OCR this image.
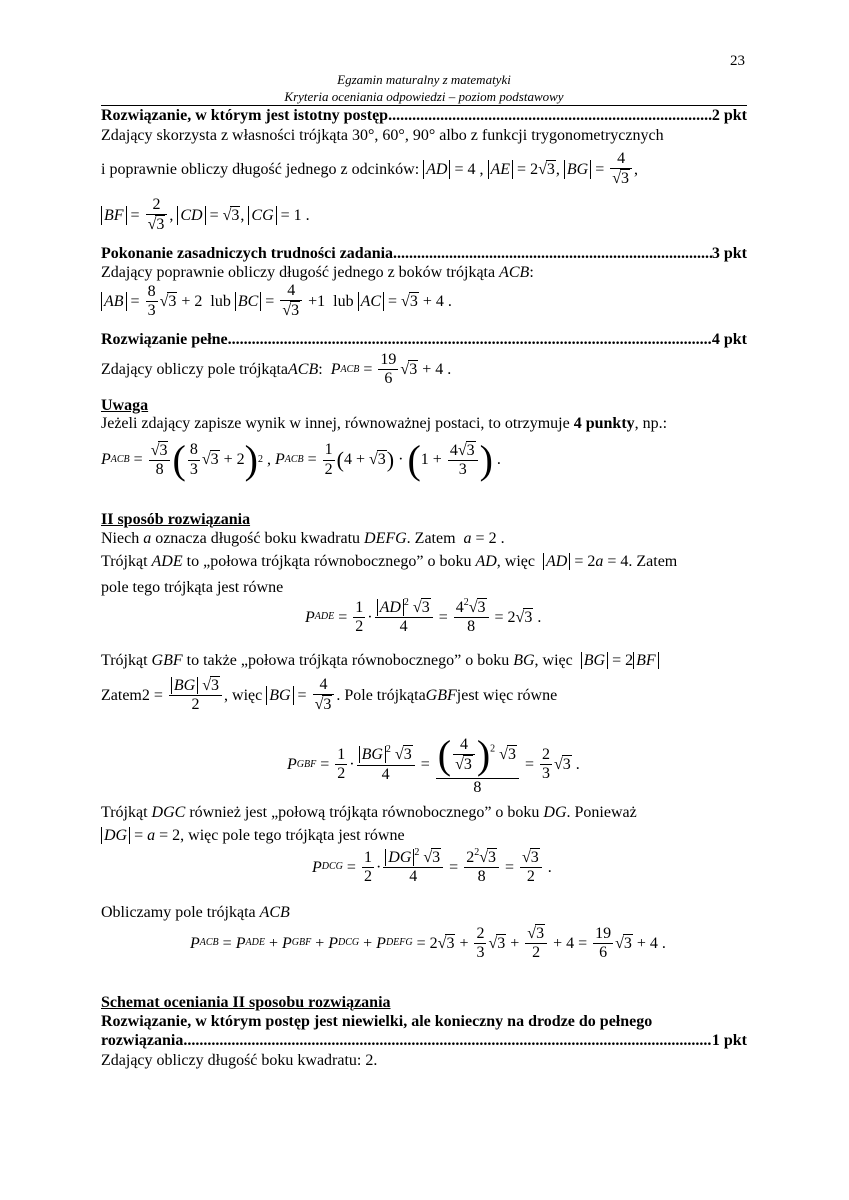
23
Egzamin maturalny z matematyki
Kryteria oceniania odpowiedzi – poziom podstawowy
Rozwiązanie, w którym jest istotny postęp .....	2 pkt
Zdający skorzysta z własności trójkąta 30°, 60°, 90° albo z funkcji trygonometrycznych
i poprawnie obliczy długość jednego z odcinków:
AD = 4 , AE = 2 √3 , BG = $\frac{4}{√3}$ ,
BF = $\frac{2}{√3}$ , CD = √3 , CG = 1 .
Pokonanie zasadniczych trudności zadania .....	3 pkt
Zdający poprawnie obliczy długość jednego z boków trójkąta ACB:
AB = $\frac{8}{3} √3 + 2$  lub BC = $\frac{4}{√3} +1$  lub AC = √3 + 4 .
Rozwiązanie pełne .....	4 pkt
Zdający obliczy pole trójkąta ACB : P ACB = $\frac{19}{6} √3 + 4$ .
Uwaga
Jeżeli zdający zapisze wynik w innej, równoważnej postaci, to otrzymuje 4 punkty, np.:
P ACB = $\frac{√3}{8}$ ( $\frac{8}{3} √3 + 2$ ) 2 , P ACB = $\frac{1}{2}$ ( 4 + √3 ) · ( $1 + \frac{4√3}{3}$ ) .
II sposób rozwiązania
Niech a oznacza długość boku kwadratu DEFG. Zatem  a = 2 .
Trójkąt ADE to „połowa trójkąta równobocznego” o boku AD, więc  AD = 2a = 4. Zatem
pole tego trójkąta jest równe
P ADE = $\frac{1}{2} \cdot \frac{AD ^2 √3}{4} = \frac{4^2√3}{8} = 2$ √3 .
Trójkąt GBF to także „połowa trójkąta równobocznego” o boku BG, więc  BG = 2 BF
Zatem $2 = \frac{BG √3}{2}$ , więc
BG = $\frac{4}{√3}$ . Pole trójkąta GBF jest więc równe
P GBF = $\frac{1}{2} \cdot \frac{BG ^2 √3}{4} = \frac{( \frac{4}{√3} )^2 √3}{8} = \frac{2}{3} √3$ .
Trójkąt DGC również jest „połową trójkąta równobocznego” o boku DG. Ponieważ
DG = a = 2, więc pole tego trójkąta jest równe
P DCG = $\frac{1}{2} \cdot \frac{DG ^2 √3}{4} = \frac{2^2√3}{8} = \frac{√3}{2}$ .
Obliczamy pole trójkąta ACB
P ACB = P ADE + P GBF + P DCG + P DEFG = 2 $√3 + \frac{2}{3} √3 + \frac{√3}{2} + 4 = \frac{19}{6} √3 + 4$ .
Schemat oceniania II sposobu rozwiązania
Rozwiązanie, w którym postęp jest niewielki, ale konieczny na drodze do pełnego
rozwiązania .....	1 pkt
Zdający obliczy długość boku kwadratu: 2.
